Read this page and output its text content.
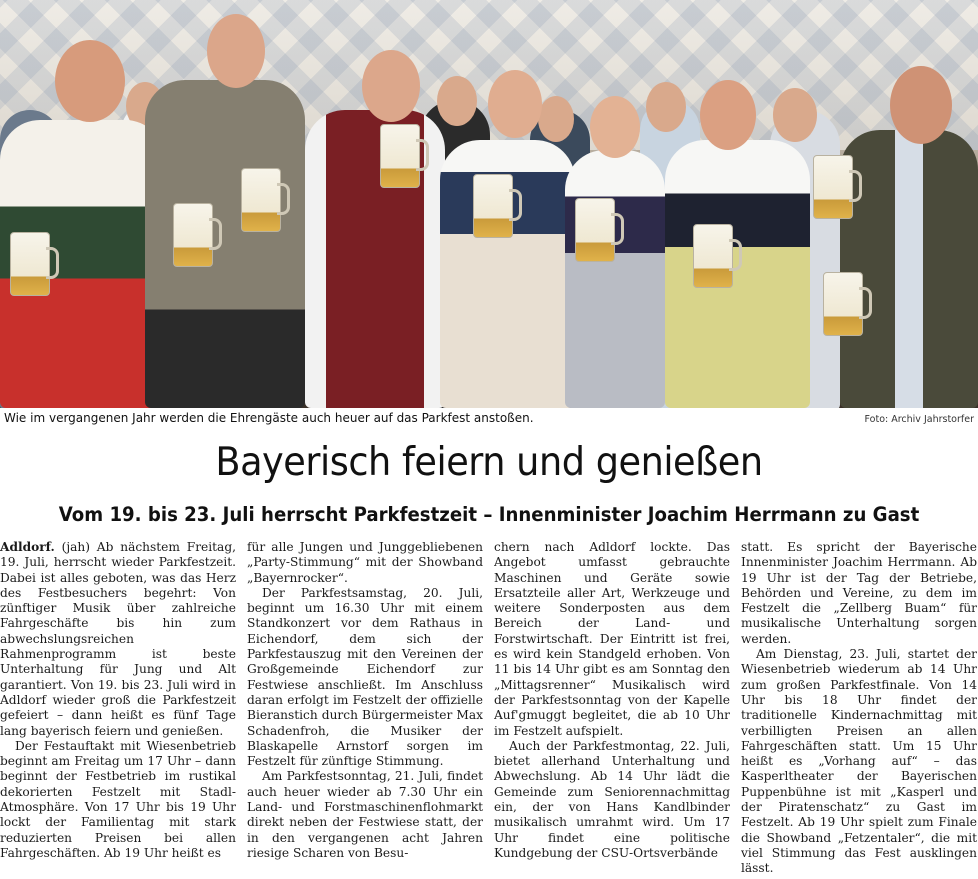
Wie im vergangenen Jahr werden die Ehrengäste auch heuer auf das Parkfest anstoßen.	Foto: Archiv Jahrstorfer
Bayerisch feiern und genießen
Vom 19. bis 23. Juli herrscht Parkfestzeit – Innenminister Joachim Herrmann zu Gast

Adldorf. (jah) Ab nächstem Freitag, 19. Juli, herrscht wieder Parkfestzeit. Dabei ist alles geboten, was das Herz des Festbesuchers begehrt: Von zünftiger Musik über zahlreiche Fahrgeschäfte bis hin zum abwechslungsreichen Rahmenprogramm ist beste Unterhaltung für Jung und Alt garantiert. Von 19. bis 23. Juli wird in Adldorf wieder groß die Parkfestzeit gefeiert – dann heißt es fünf Tage lang bayerisch feiern und genießen.

Der Festauftakt mit Wiesenbetrieb beginnt am Freitag um 17 Uhr – dann beginnt der Festbetrieb im rustikal dekorierten Festzelt mit Stadl-Atmosphäre. Von 17 Uhr bis 19 Uhr lockt der Familientag mit stark reduzierten Preisen bei allen Fahrgeschäften. Ab 19 Uhr heißt es

für alle Jungen und Junggebliebenen „Party-Stimmung“ mit der Showband „Bayernrocker“.

Der Parkfestsamstag, 20. Juli, beginnt um 16.30 Uhr mit einem Standkonzert vor dem Rathaus in Eichendorf, dem sich der Parkfestauszug mit den Vereinen der Großgemeinde Eichendorf zur Festwiese anschließt. Im Anschluss daran erfolgt im Festzelt der offizielle Bieranstich durch Bürgermeister Max Schadenfroh, die Musiker der Blaskapelle Arnstorf sorgen im Festzelt für zünftige Stimmung.

Am Parkfestsonntag, 21. Juli, findet auch heuer wieder ab 7.30 Uhr ein Land- und Forstmaschinenflohmarkt direkt neben der Festwiese statt, der in den vergangenen acht Jahren riesige Scharen von Besu-

chern nach Adldorf lockte. Das Angebot umfasst gebrauchte Maschinen und Geräte sowie Ersatzteile aller Art, Werkzeuge und weitere Sonderposten aus dem Bereich der Land- und Forstwirtschaft. Der Eintritt ist frei, es wird kein Standgeld erhoben. Von 11 bis 14 Uhr gibt es am Sonntag den „Mittagsrenner“ Musikalisch wird der Parkfestsonntag von der Kapelle Auf'gmuggt begleitet, die ab 10 Uhr im Festzelt aufspielt.

Auch der Parkfestmontag, 22. Juli, bietet allerhand Unterhaltung und Abwechslung. Ab 14 Uhr lädt die Gemeinde zum Seniorennachmittag ein, der von Hans Kandlbinder musikalisch umrahmt wird. Um 17 Uhr findet eine politische Kundgebung der CSU-Ortsverbände

statt. Es spricht der Bayerische Innenminister Joachim Herrmann. Ab 19 Uhr ist der Tag der Betriebe, Behörden und Vereine, zu dem im Festzelt die „Zellberg Buam“ für musikalische Unterhaltung sorgen werden.

Am Dienstag, 23. Juli, startet der Wiesenbetrieb wiederum ab 14 Uhr zum großen Parkfestfinale. Von 14 Uhr bis 18 Uhr findet der traditionelle Kindernachmittag mit verbilligten Preisen an allen Fahrgeschäften statt. Um 15 Uhr heißt es „Vorhang auf“ – das Kasperltheater der Bayerischen Puppenbühne ist mit „Kasperl und der Piratenschatz“ zu Gast im Festzelt. Ab 19 Uhr spielt zum Finale die Showband „Fetzentaler“, die mit viel Stimmung das Fest ausklingen lässt.
